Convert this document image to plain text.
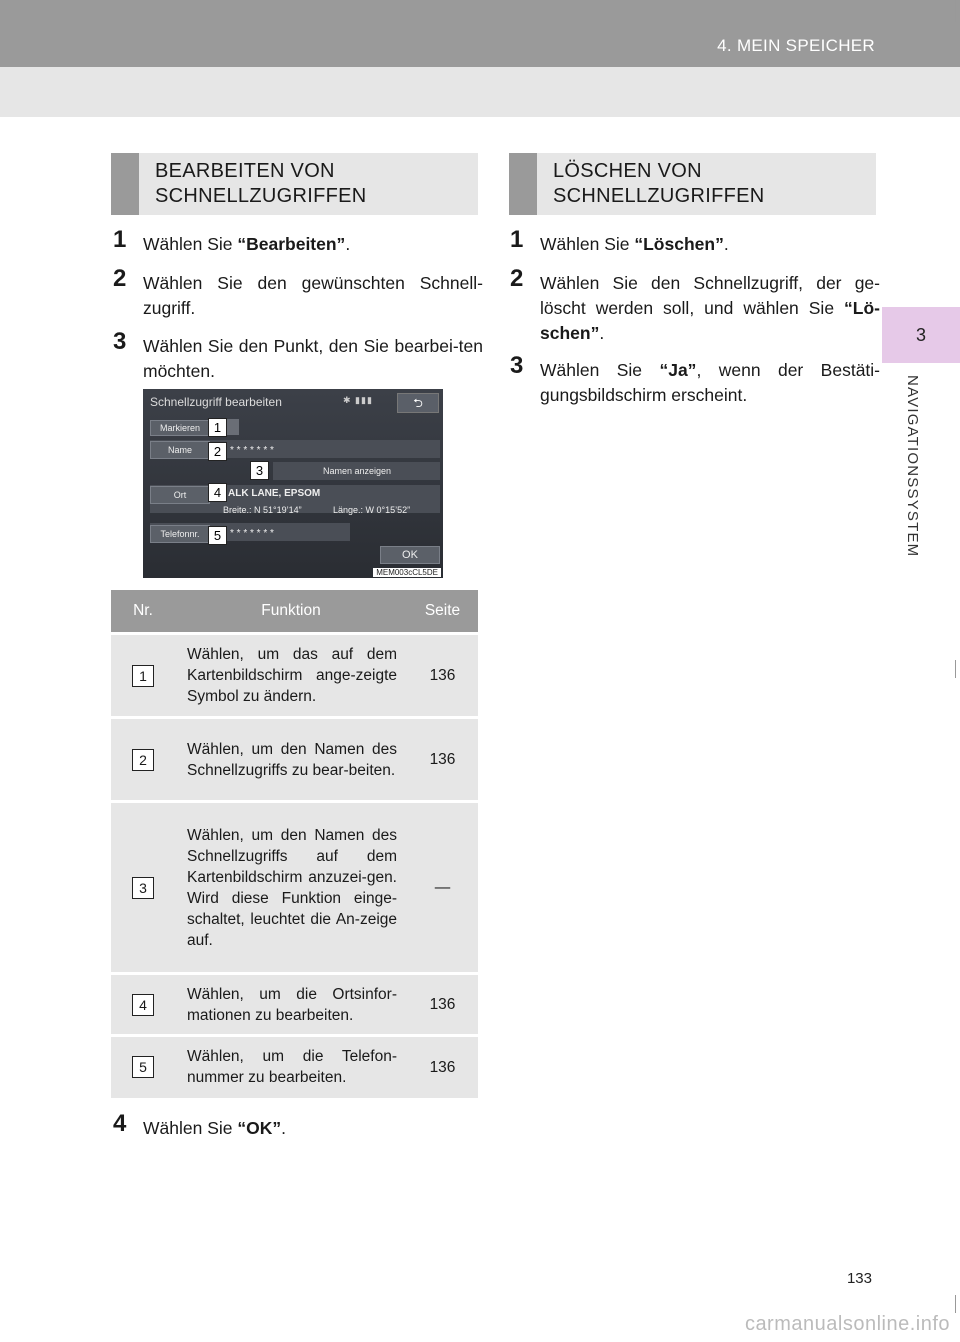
4. MEIN SPEICHER
3
NAVIGATIONSSYSTEM
BEARBEITEN VON
SCHNELLZUGRIFFEN
1 Wählen Sie “Bearbeiten”.
2 Wählen Sie den gewünschten Schnell-zugriff.
3 Wählen Sie den Punkt, den Sie bearbei-ten möchten.
Schnellzugriff bearbeiten	✱ ▮▮▮	⮌
Markieren
Name	* * * * * * *
Namen anzeigen
Ort	ALK LANE, EPSOM
Breite.: N 51°19’14”	Länge.: W 0°15’52”
Telefonnr.	* * * * * * *
OK
1
2
3
4
5
MEM003cCL5DE
Nr.	Funktion	Seite
1	Wählen, um das auf dem Kartenbildschirm ange-zeigte Symbol zu ändern.	136
2	Wählen, um den Namen des Schnellzugriffs zu bear-beiten.	136
3	Wählen, um den Namen des Schnellzugriffs auf dem Kartenbildschirm anzuzei-gen. Wird diese Funktion einge-schaltet, leuchtet die An-zeige auf.	—
4	Wählen, um die Ortsinfor-mationen zu bearbeiten.	136
5	Wählen, um die Telefon-nummer zu bearbeiten.	136
4 Wählen Sie “OK”.
LÖSCHEN VON
SCHNELLZUGRIFFEN
1 Wählen Sie “Löschen”.
2 Wählen Sie den Schnellzugriff, der ge-löscht werden soll, und wählen Sie “Lö-schen”.
3 Wählen Sie “Ja”, wenn der Bestäti-gungsbildschirm erscheint.
133
carmanualsonline.info
